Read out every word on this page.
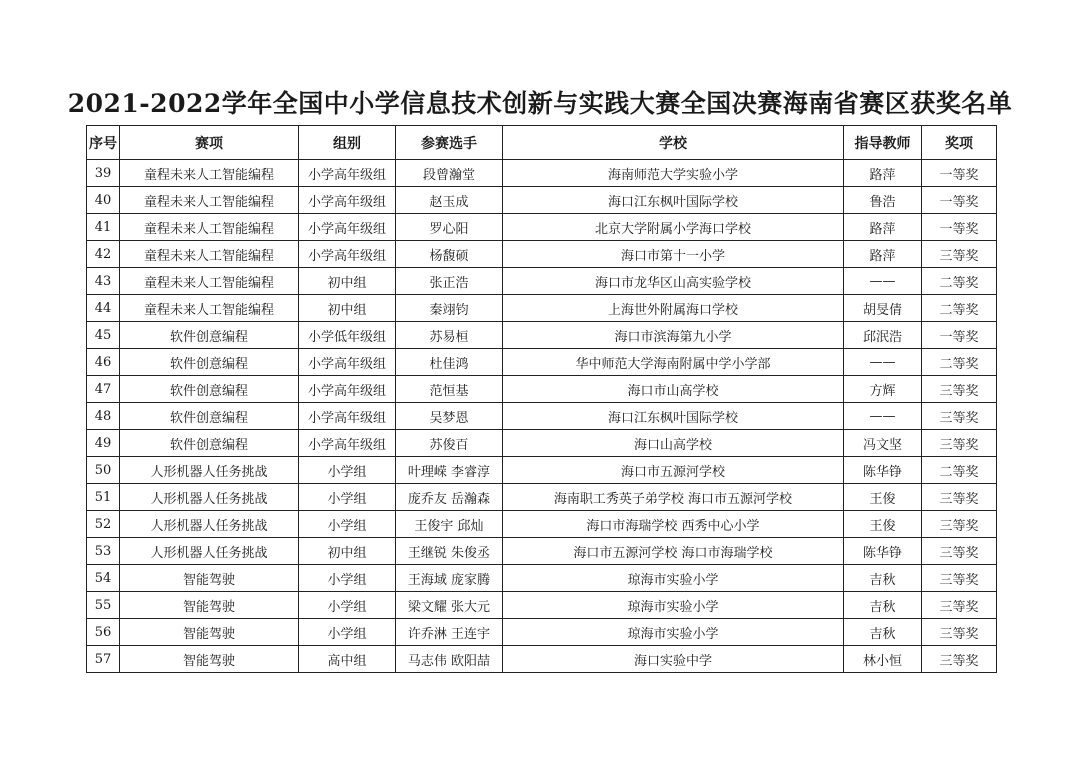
2021-2022学年全国中小学信息技术创新与实践大赛全国决赛海南省赛区获奖名单
序号	赛项	组别	参赛选手	学校	指导教师	奖项
39	童程未来人工智能编程	小学高年级组	段曾瀚堂	海南师范大学实验小学	路萍	一等奖
40	童程未来人工智能编程	小学高年级组	赵玉成	海口江东枫叶国际学校	鲁浩	一等奖
41	童程未来人工智能编程	小学高年级组	罗心阳	北京大学附属小学海口学校	路萍	一等奖
42	童程未来人工智能编程	小学高年级组	杨馥硕	海口市第十一小学	路萍	三等奖
43	童程未来人工智能编程	初中组	张正浩	海口市龙华区山高实验学校	——	二等奖
44	童程未来人工智能编程	初中组	秦翊钧	上海世外附属海口学校	胡旻倩	二等奖
45	软件创意编程	小学低年级组	苏易桓	海口市滨海第九小学	邱泯浩	一等奖
46	软件创意编程	小学高年级组	杜佳鸿	华中师范大学海南附属中学小学部	——	二等奖
47	软件创意编程	小学高年级组	范恒基	海口市山高学校	方辉	三等奖
48	软件创意编程	小学高年级组	吴梦恩	海口江东枫叶国际学校	——	三等奖
49	软件创意编程	小学高年级组	苏俊百	海口山高学校	冯文坚	三等奖
50	人形机器人任务挑战	小学组	叶理嵘 李睿淳	海口市五源河学校	陈华铮	二等奖
51	人形机器人任务挑战	小学组	庞乔友 岳瀚森	海南职工秀英子弟学校 海口市五源河学校	王俊	三等奖
52	人形机器人任务挑战	小学组	王俊宇 邱灿	海口市海瑞学校 西秀中心小学	王俊	三等奖
53	人形机器人任务挑战	初中组	王继锐 朱俊丞	海口市五源河学校 海口市海瑞学校	陈华铮	三等奖
54	智能驾驶	小学组	王海域 庞家腾	琼海市实验小学	吉秋	三等奖
55	智能驾驶	小学组	梁文耀 张大元	琼海市实验小学	吉秋	三等奖
56	智能驾驶	小学组	许乔淋 王连宇	琼海市实验小学	吉秋	三等奖
57	智能驾驶	高中组	马志伟 欧阳喆	海口实验中学	林小恒	三等奖
